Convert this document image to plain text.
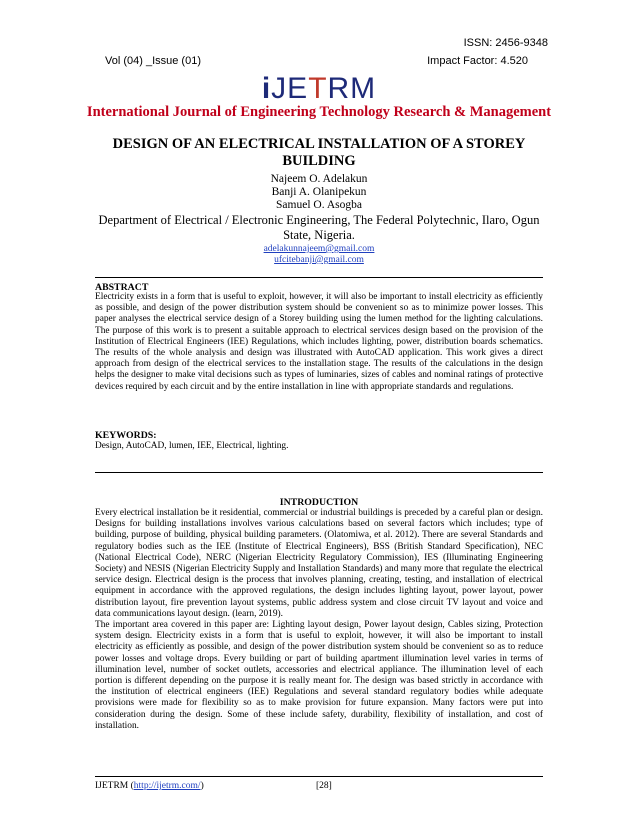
ISSN: 2456-9348
Vol (04) _Issue (01)	Impact Factor: 4.520
iJETRM
International Journal of Engineering Technology Research & Management
DESIGN OF AN ELECTRICAL INSTALLATION OF A STOREY BUILDING
Najeem O. Adelakun
Banji A. Olanipekun
Samuel O. Asogba
Department of Electrical / Electronic Engineering, The Federal Polytechnic, Ilaro, Ogun State, Nigeria.
adelakunnajeem@gmail.com
ufcitebanji@gmail.com
ABSTRACT

Electricity exists in a form that is useful to exploit, however, it will also be important to install electricity as efficiently as possible, and design of the power distribution system should be convenient so as to minimize power losses. This paper analyses the electrical service design of a Storey building using the lumen method for the lighting calculations. The purpose of this work is to present a suitable approach to electrical services design based on the provision of the Institution of Electrical Engineers (IEE) Regulations, which includes lighting, power, distribution boards schematics. The results of the whole analysis and design was illustrated with AutoCAD application. This work gives a direct approach from design of the electrical services to the installation stage. The results of the calculations in the design helps the designer to make vital decisions such as types of luminaries, sizes of cables and nominal ratings of protective devices required by each circuit and by the entire installation in line with appropriate standards and regulations.

KEYWORDS:

Design, AutoCAD, lumen, IEE, Electrical, lighting.

INTRODUCTION

Every electrical installation be it residential, commercial or industrial buildings is preceded by a careful plan or design. Designs for building installations involves various calculations based on several factors which includes; type of building, purpose of building, physical building parameters. (Olatomiwa, et al. 2012). There are several Standards and regulatory bodies such as the IEE (Institute of Electrical Engineers), BSS (British Standard Specification), NEC (National Electrical Code), NERC (Nigerian Electricity Regulatory Commission), IES (Illuminating Engineering Society) and NESIS (Nigerian Electricity Supply and Installation Standards) and many more that regulate the electrical service design. Electrical design is the process that involves planning, creating, testing, and installation of electrical equipment in accordance with the approved regulations, the design includes lighting layout, power layout, power distribution layout, fire prevention layout systems, public address system and close circuit TV layout and voice and data communications layout design. (learn, 2019).

The important area covered in this paper are: Lighting layout design, Power layout design, Cables sizing, Protection system design. Electricity exists in a form that is useful to exploit, however, it will also be important to install electricity as efficiently as possible, and design of the power distribution system should be convenient so as to reduce power losses and voltage drops. Every building or part of building apartment illumination level varies in terms of illumination level, number of socket outlets, accessories and electrical appliance. The illumination level of each portion is different depending on the purpose it is really meant for. The design was based strictly in accordance with the institution of electrical engineers (IEE) Regulations and several standard regulatory bodies while adequate provisions were made for flexibility so as to make provision for future expansion. Many factors were put into consideration during the design. Some of these include safety, durability, flexibility of installation, and cost of installation.

IJETRM (http://ijetrm.com/)	[28]
